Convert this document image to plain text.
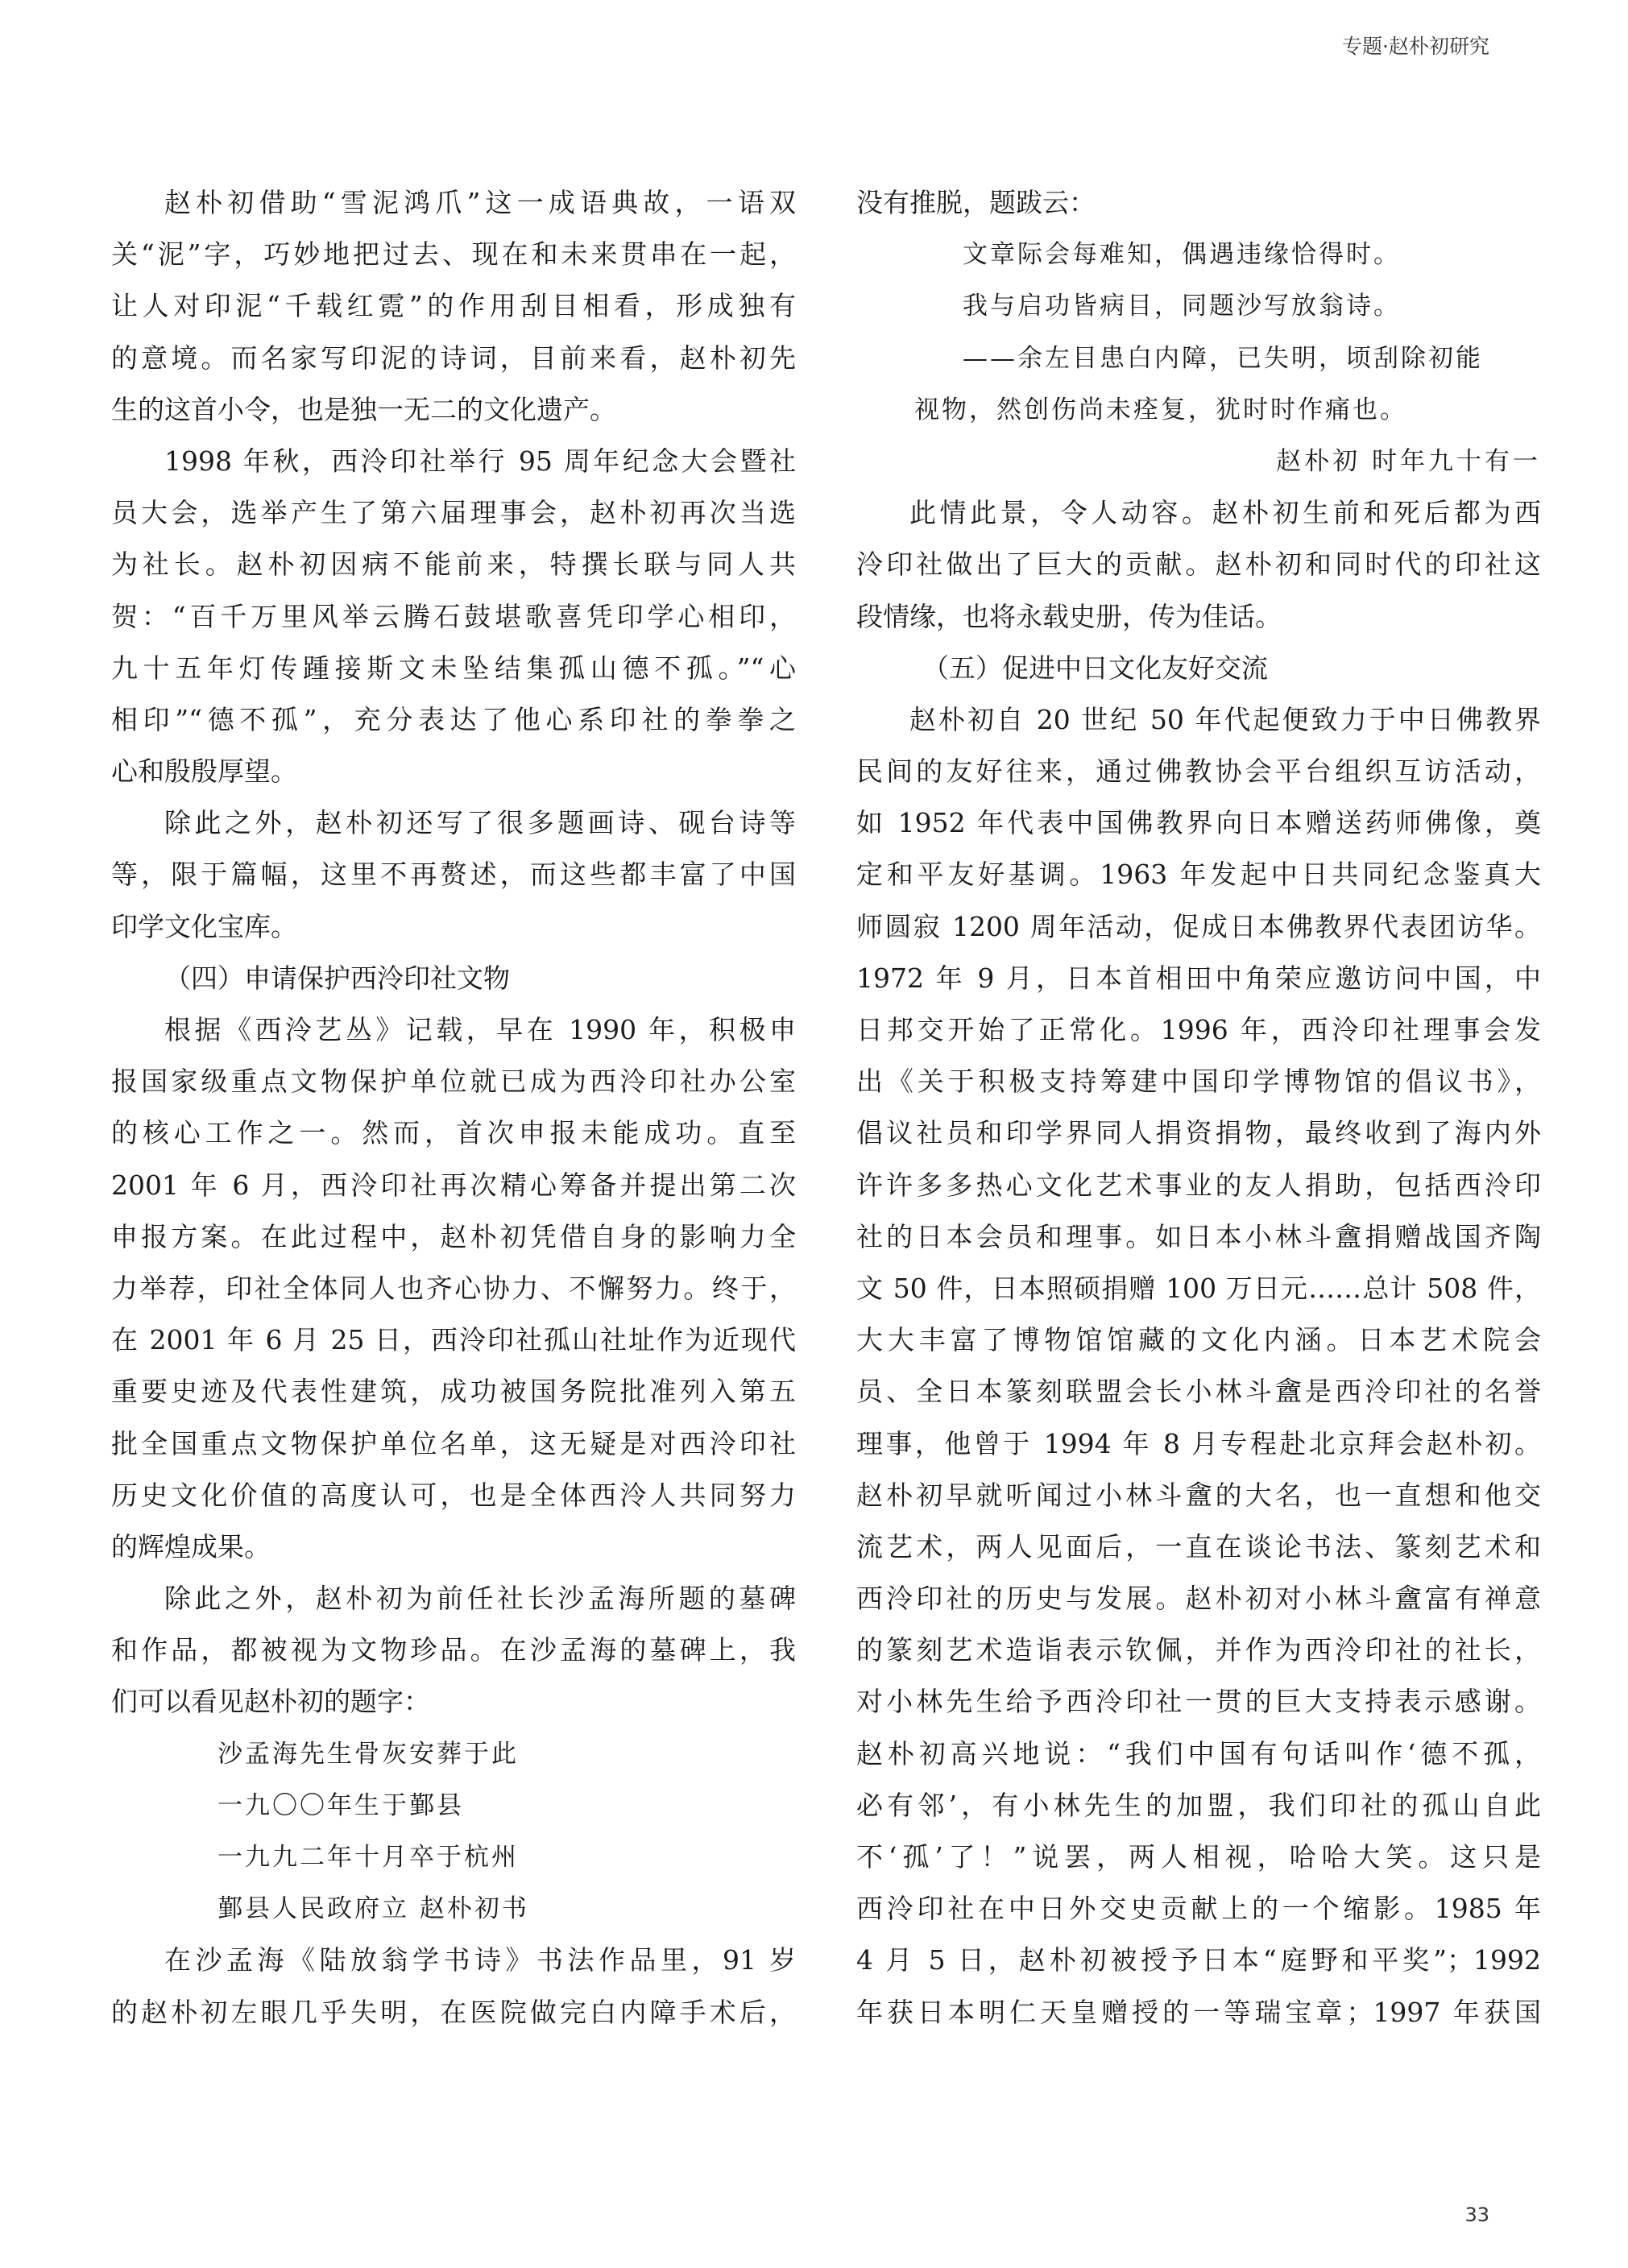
专题·赵朴初研究
赵朴初借助“雪泥鸿爪”这一成语典故，一语双
关“泥”字，巧妙地把过去、现在和未来贯串在一起，
让人对印泥“千载红霓”的作用刮目相看，形成独有
的意境。而名家写印泥的诗词，目前来看，赵朴初先
生的这首小令，也是独一无二的文化遗产。
1998 年秋，西泠印社举行 95 周年纪念大会暨社
员大会，选举产生了第六届理事会，赵朴初再次当选
为社长。赵朴初因病不能前来，特撰长联与同人共
贺：“百千万里风举云腾石鼓堪歌喜凭印学心相印，
九十五年灯传踵接斯文未坠结集孤山德不孤。”“心
相印”“德不孤”，充分表达了他心系印社的拳拳之
心和殷殷厚望。
除此之外，赵朴初还写了很多题画诗、砚台诗等
等，限于篇幅，这里不再赘述，而这些都丰富了中国
印学文化宝库。
（四）申请保护西泠印社文物
根据《西泠艺丛》记载，早在 1990 年，积极申
报国家级重点文物保护单位就已成为西泠印社办公室
的核心工作之一。然而，首次申报未能成功。直至
2001 年 6 月，西泠印社再次精心筹备并提出第二次
申报方案。在此过程中，赵朴初凭借自身的影响力全
力举荐，印社全体同人也齐心协力、不懈努力。终于，
在 2001 年 6 月 25 日，西泠印社孤山社址作为近现代
重要史迹及代表性建筑，成功被国务院批准列入第五
批全国重点文物保护单位名单，这无疑是对西泠印社
历史文化价值的高度认可，也是全体西泠人共同努力
的辉煌成果。
除此之外，赵朴初为前任社长沙孟海所题的墓碑
和作品，都被视为文物珍品。在沙孟海的墓碑上，我
们可以看见赵朴初的题字：
沙孟海先生骨灰安葬于此
一九〇〇年生于鄞县
一九九二年十月卒于杭州
鄞县人民政府立 赵朴初书
在沙孟海《陆放翁学书诗》书法作品里，91 岁
的赵朴初左眼几乎失明，在医院做完白内障手术后，
没有推脱，题跋云：
文章际会每难知，偶遇违缘恰得时。
我与启功皆病目，同题沙写放翁诗。
——余左目患白内障，已失明，顷刮除初能
视物，然创伤尚未痊复，犹时时作痛也。
赵朴初 时年九十有一
此情此景，令人动容。赵朴初生前和死后都为西
泠印社做出了巨大的贡献。赵朴初和同时代的印社这
段情缘，也将永载史册，传为佳话。
（五）促进中日文化友好交流
赵朴初自 20 世纪 50 年代起便致力于中日佛教界
民间的友好往来，通过佛教协会平台组织互访活动，
如 1952 年代表中国佛教界向日本赠送药师佛像，奠
定和平友好基调。1963 年发起中日共同纪念鉴真大
师圆寂 1200 周年活动，促成日本佛教界代表团访华。
1972 年 9 月，日本首相田中角荣应邀访问中国，中
日邦交开始了正常化。1996 年，西泠印社理事会发
出《关于积极支持筹建中国印学博物馆的倡议书》，
倡议社员和印学界同人捐资捐物，最终收到了海内外
许许多多热心文化艺术事业的友人捐助，包括西泠印
社的日本会员和理事。如日本小林斗盦捐赠战国齐陶
文 50 件，日本照硕捐赠 100 万日元……总计 508 件，
大大丰富了博物馆馆藏的文化内涵。日本艺术院会
员、全日本篆刻联盟会长小林斗盦是西泠印社的名誉
理事，他曾于 1994 年 8 月专程赴北京拜会赵朴初。
赵朴初早就听闻过小林斗盦的大名，也一直想和他交
流艺术，两人见面后，一直在谈论书法、篆刻艺术和
西泠印社的历史与发展。赵朴初对小林斗盦富有禅意
的篆刻艺术造诣表示钦佩，并作为西泠印社的社长，
对小林先生给予西泠印社一贯的巨大支持表示感谢。
赵朴初高兴地说：“我们中国有句话叫作‘德不孤，
必有邻’，有小林先生的加盟，我们印社的孤山自此
不‘孤’了！”说罢，两人相视，哈哈大笑。这只是
西泠印社在中日外交史贡献上的一个缩影。1985 年
4 月 5 日，赵朴初被授予日本“庭野和平奖”；1992
年获日本明仁天皇赠授的一等瑞宝章；1997 年获国
33
